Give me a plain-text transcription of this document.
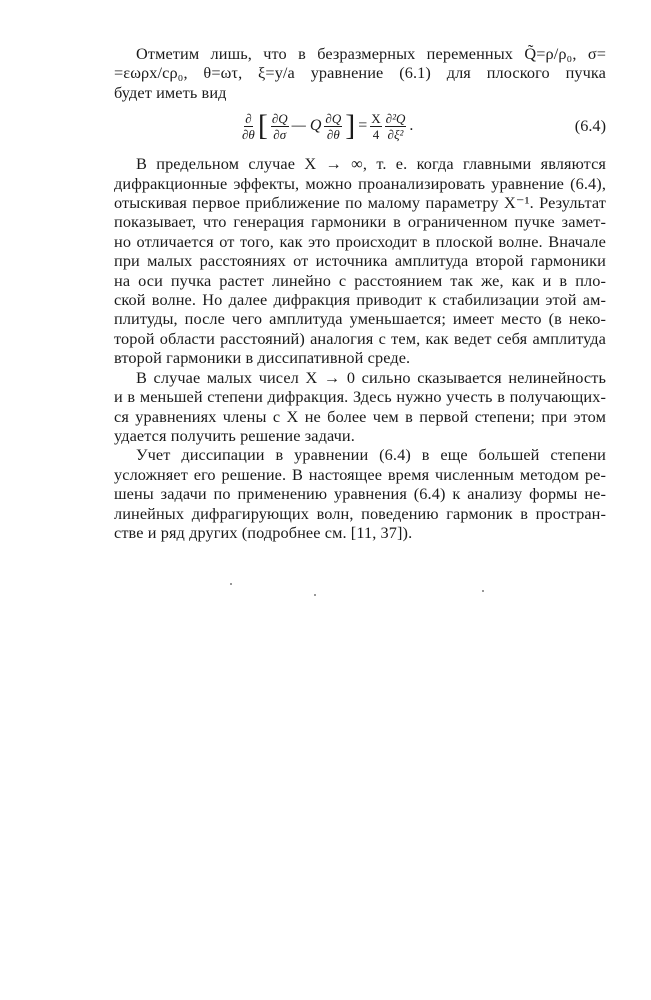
Отметим лишь, что в безразмерных переменных Q̃=ρ/ρ₀, σ=
=εωρx/cρ₀, θ=ωτ, ξ=y/a уравнение (6.1) для плоского пучка
будет иметь вид
$\frac{\partial}{\partial\theta}$ [ $\frac{\partial Q}{\partial\sigma}$ — Q $\frac{\partial Q}{\partial\theta}$ ] = $\frac{X}{4} \frac{\text{∂²Q}}{\text{∂ξ²}}$ .	(6.4)
В предельном случае Χ → ∞, т. е. когда главными являются
дифракционные эффекты, можно проанализировать уравнение (6.4),
отыскивая первое приближение по малому параметру Χ⁻¹. Результат
показывает, что генерация гармоники в ограниченном пучке замет-
но отличается от того, как это происходит в плоской волне. Вначале
при малых расстояниях от источника амплитуда второй гармоники
на оси пучка растет линейно с расстоянием так же, как и в пло-
ской волне. Но далее дифракция приводит к стабилизации этой ам-
плитуды, после чего амплитуда уменьшается; имеет место (в неко-
торой области расстояний) аналогия с тем, как ведет себя амплитуда
второй гармоники в диссипативной среде.
В случае малых чисел Χ → 0 сильно сказывается нелинейность
и в меньшей степени дифракция. Здесь нужно учесть в получающих-
ся уравнениях члены с Χ не более чем в первой степени; при этом
удается получить решение задачи.
Учет диссипации в уравнении (6.4) в еще большей степени
усложняет его решение. В настоящее время численным методом ре-
шены задачи по применению уравнения (6.4) к анализу формы не-
линейных дифрагирующих волн, поведению гармоник в простран-
стве и ряд других (подробнее см. [11, 37]).
